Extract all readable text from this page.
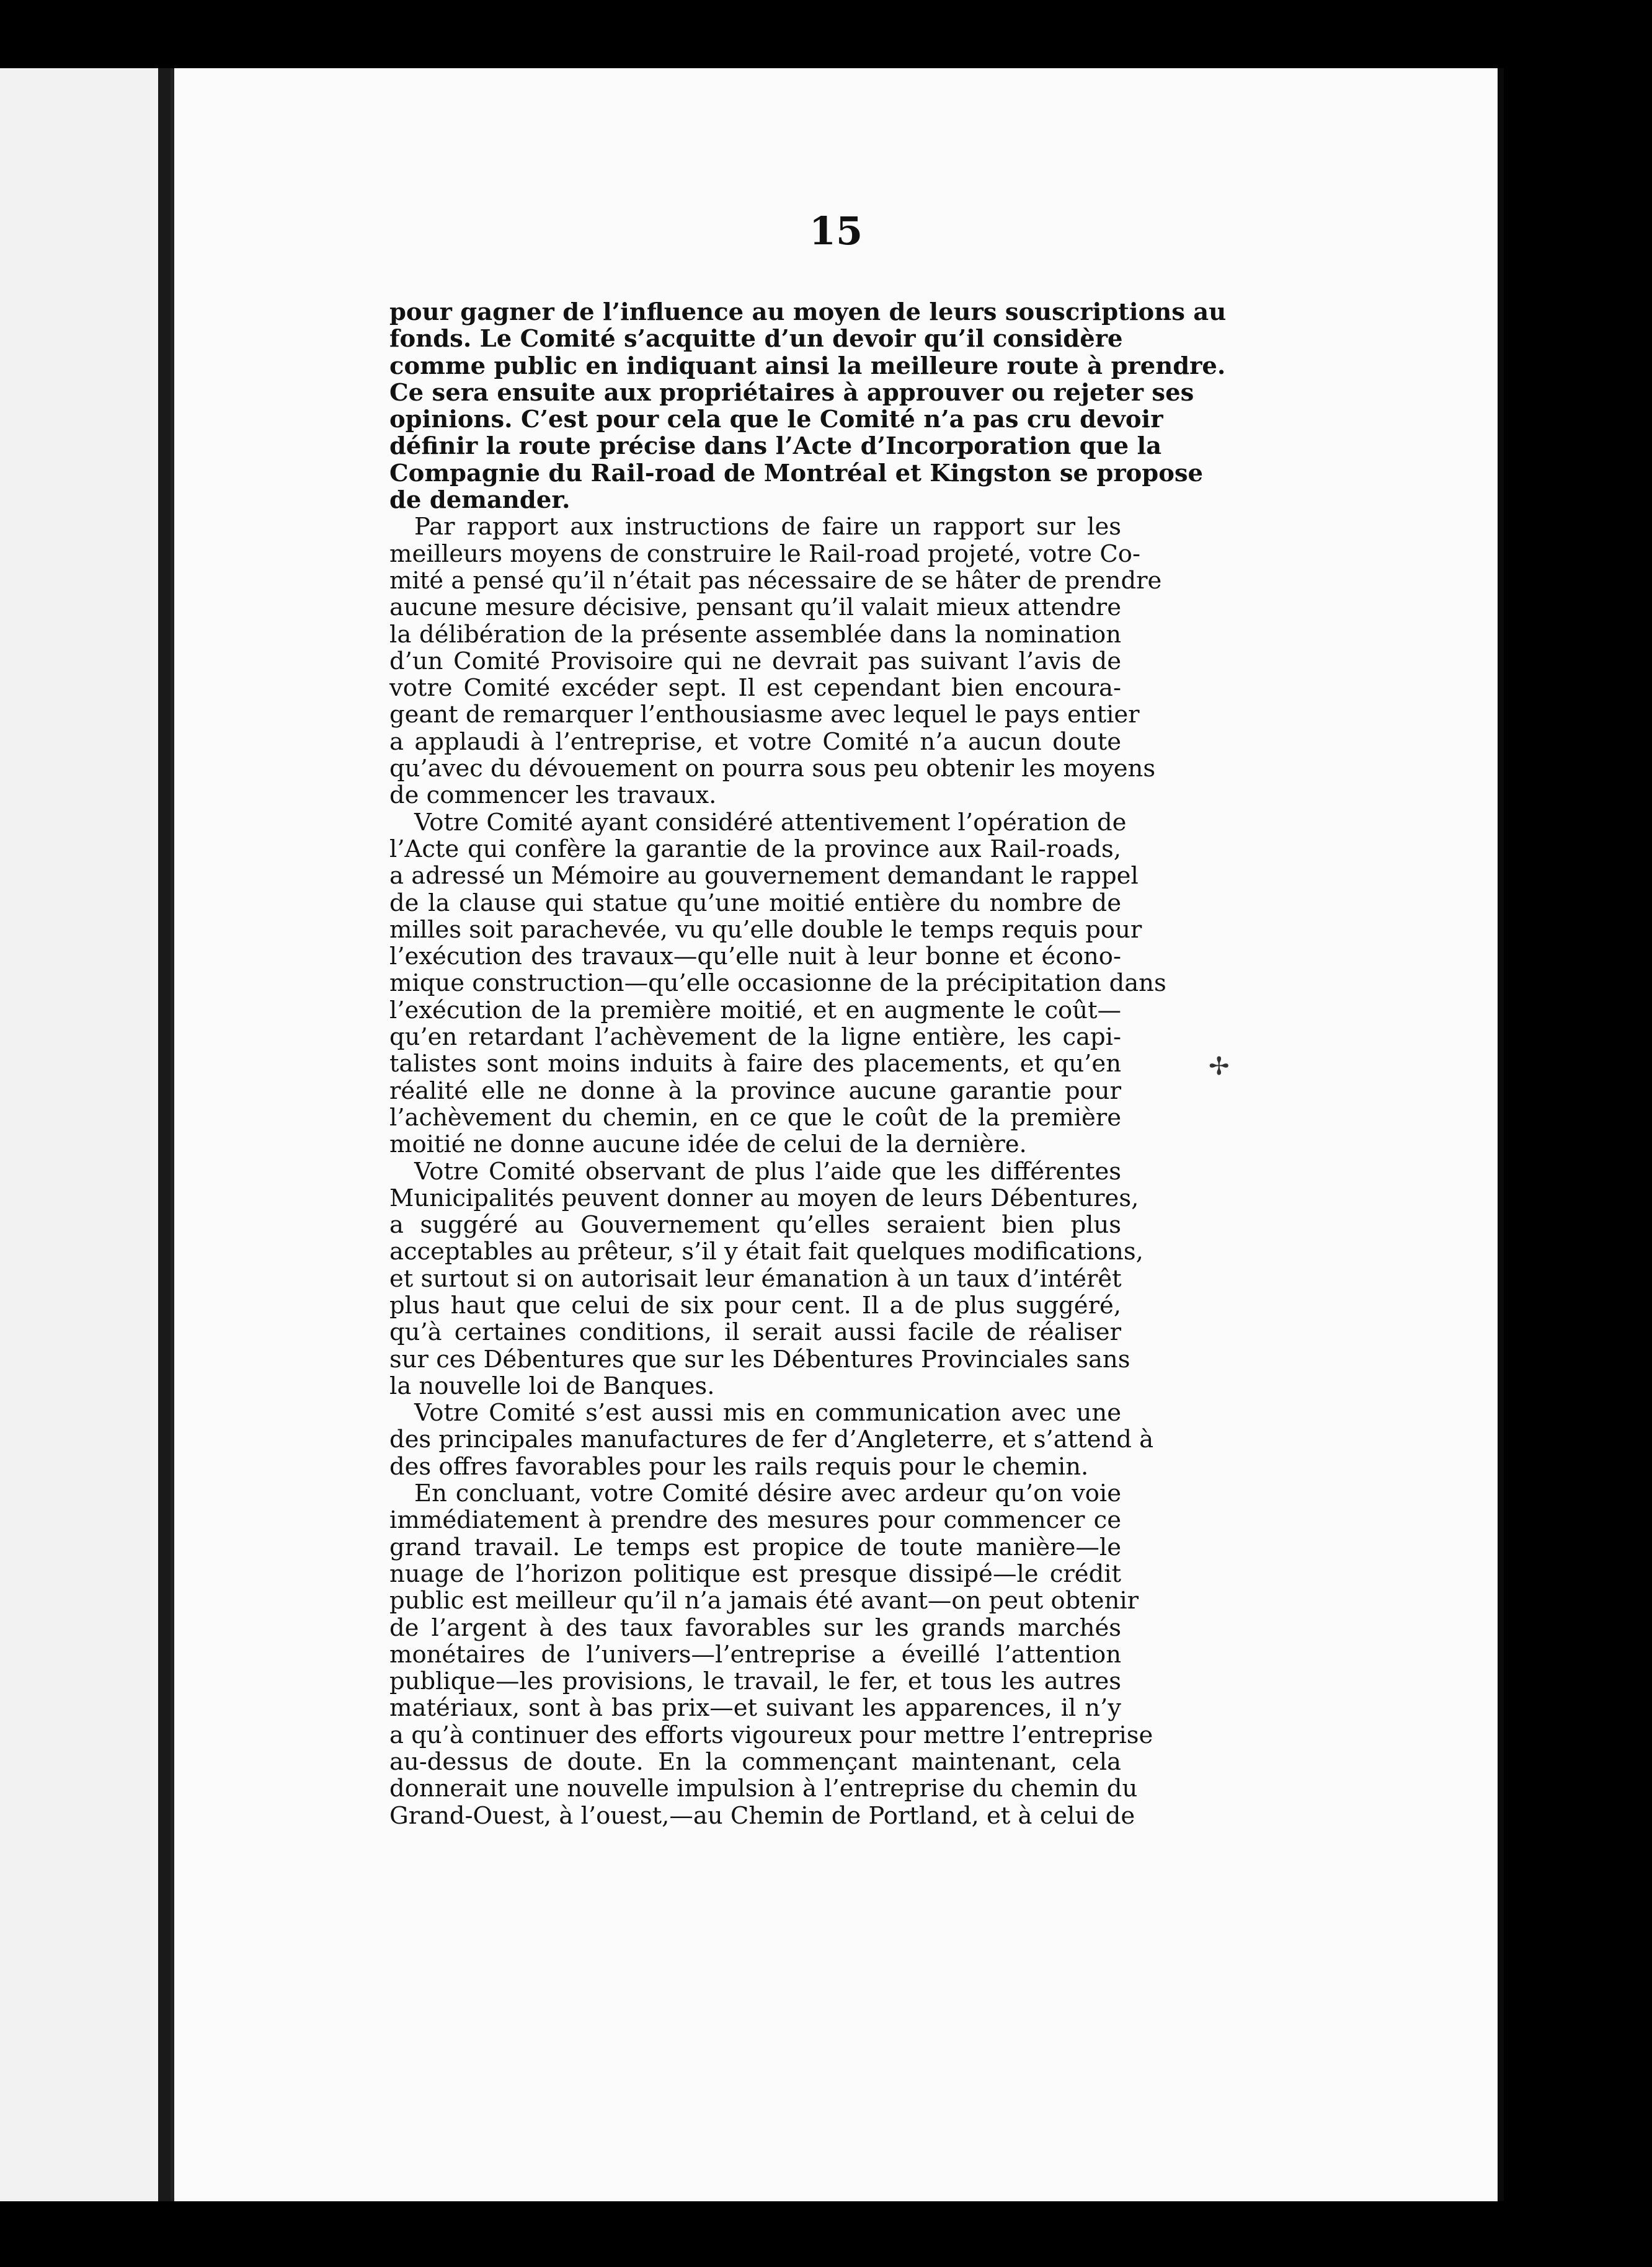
15
pour gagner de l’influence au moyen de leurs souscriptions au
fonds. Le Comité s’acquitte d’un devoir qu’il considère
comme public en indiquant ainsi la meilleure route à prendre.
Ce sera ensuite aux propriétaires à approuver ou rejeter ses
opinions. C’est pour cela que le Comité n’a pas cru devoir
définir la route précise dans l’Acte d’Incorporation que la
Compagnie du Rail-road de Montréal et Kingston se propose
de demander.
Par rapport aux instructions de faire un rapport sur les
meilleurs moyens de construire le Rail-road projeté, votre Co-
mité a pensé qu’il n’était pas nécessaire de se hâter de prendre
aucune mesure décisive, pensant qu’il valait mieux attendre
la délibération de la présente assemblée dans la nomination
d’un Comité Provisoire qui ne devrait pas suivant l’avis de
votre Comité excéder sept. Il est cependant bien encoura-
geant de remarquer l’enthousiasme avec lequel le pays entier
a applaudi à l’entreprise, et votre Comité n’a aucun doute
qu’avec du dévouement on pourra sous peu obtenir les moyens
de commencer les travaux.
Votre Comité ayant considéré attentivement l’opération de
l’Acte qui confère la garantie de la province aux Rail-roads,
a adressé un Mémoire au gouvernement demandant le rappel
de la clause qui statue qu’une moitié entière du nombre de
milles soit parachevée, vu qu’elle double le temps requis pour
l’exécution des travaux—qu’elle nuit à leur bonne et écono-
mique construction—qu’elle occasionne de la précipitation dans
l’exécution de la première moitié, et en augmente le coût—
qu’en retardant l’achèvement de la ligne entière, les capi-
talistes sont moins induits à faire des placements, et qu’en
réalité elle ne donne à la province aucune garantie pour
l’achèvement du chemin, en ce que le coût de la première
moitié ne donne aucune idée de celui de la dernière.
Votre Comité observant de plus l’aide que les différentes
Municipalités peuvent donner au moyen de leurs Débentures,
a suggéré au Gouvernement qu’elles seraient bien plus
acceptables au prêteur, s’il y était fait quelques modifications,
et surtout si on autorisait leur émanation à un taux d’intérêt
plus haut que celui de six pour cent. Il a de plus suggéré,
qu’à certaines conditions, il serait aussi facile de réaliser
sur ces Débentures que sur les Débentures Provinciales sans
la nouvelle loi de Banques.
Votre Comité s’est aussi mis en communication avec une
des principales manufactures de fer d’Angleterre, et s’attend à
des offres favorables pour les rails requis pour le chemin.
En concluant, votre Comité désire avec ardeur qu’on voie
immédiatement à prendre des mesures pour commencer ce
grand travail. Le temps est propice de toute manière—le
nuage de l’horizon politique est presque dissipé—le crédit
public est meilleur qu’il n’a jamais été avant—on peut obtenir
de l’argent à des taux favorables sur les grands marchés
monétaires de l’univers—l’entreprise a éveillé l’attention
publique—les provisions, le travail, le fer, et tous les autres
matériaux, sont à bas prix—et suivant les apparences, il n’y
a qu’à continuer des efforts vigoureux pour mettre l’entreprise
au-dessus de doute. En la commençant maintenant, cela
donnerait une nouvelle impulsion à l’entreprise du chemin du
Grand-Ouest, à l’ouest,—au Chemin de Portland, et à celui de
✢
